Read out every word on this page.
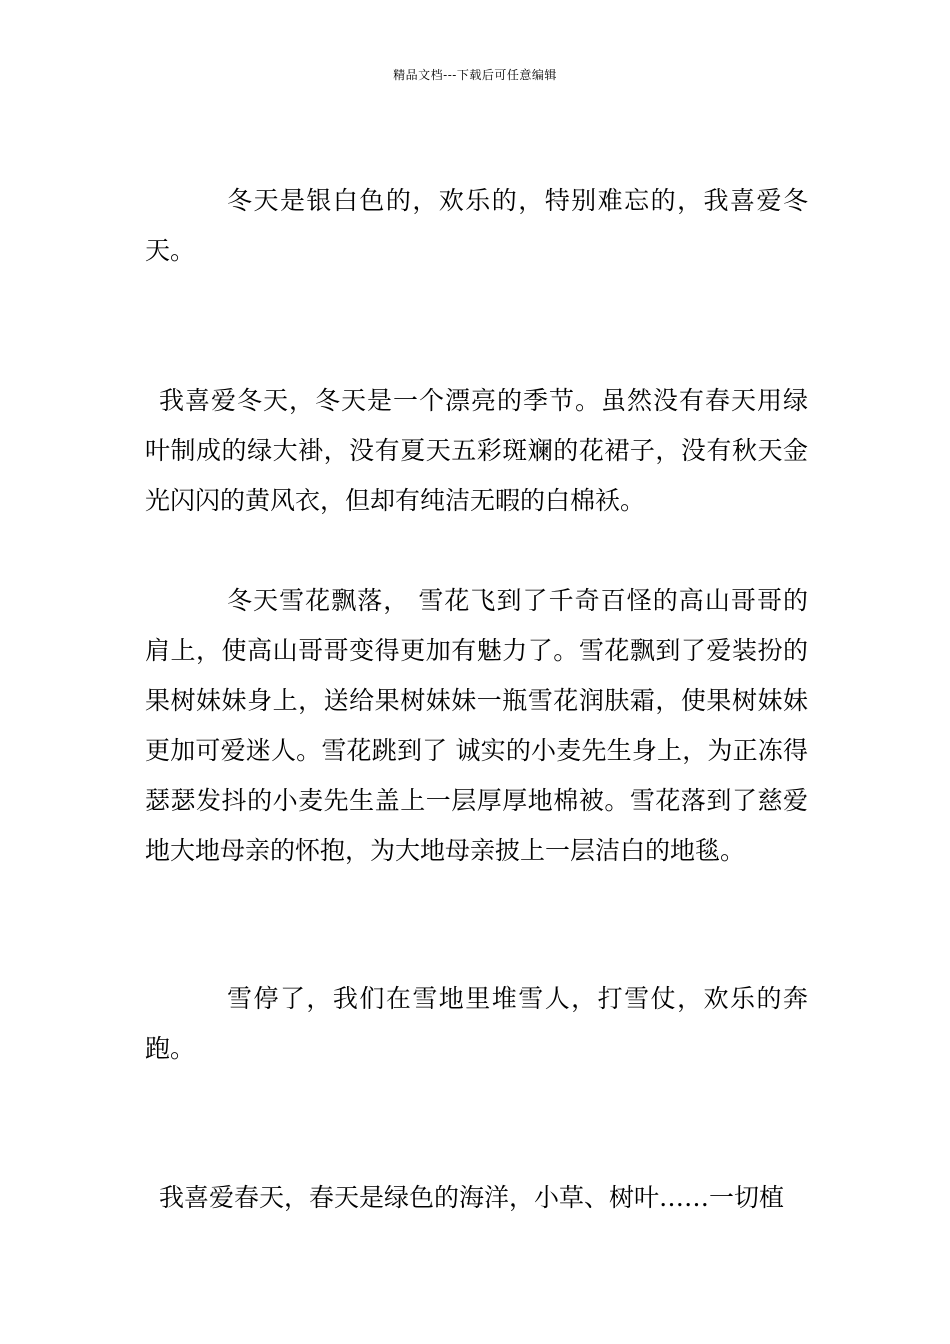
精品文档---下载后可任意编辑

冬天是银白色的，欢乐的，特别难忘的，我喜爱冬天。

我喜爱冬天，冬天是一个漂亮的季节。虽然没有春天用绿叶制成的绿大褂，没有夏天五彩斑斓的花裙子，没有秋天金光闪闪的黄风衣，但却有纯洁无暇的白棉袄。

冬天雪花飘落， 雪花飞到了千奇百怪的高山哥哥的肩上，使高山哥哥变得更加有魅力了。雪花飘到了爱装扮的果树妹妹身上，送给果树妹妹一瓶雪花润肤霜，使果树妹妹更加可爱迷人。雪花跳到了 诚实的小麦先生身上，为正冻得瑟瑟发抖的小麦先生盖上一层厚厚地棉被。雪花落到了慈爱地大地母亲的怀抱，为大地母亲披上一层洁白的地毯。

雪停了，我们在雪地里堆雪人，打雪仗，欢乐的奔跑。

我喜爱春天，春天是绿色的海洋，小草、树叶……一切植
